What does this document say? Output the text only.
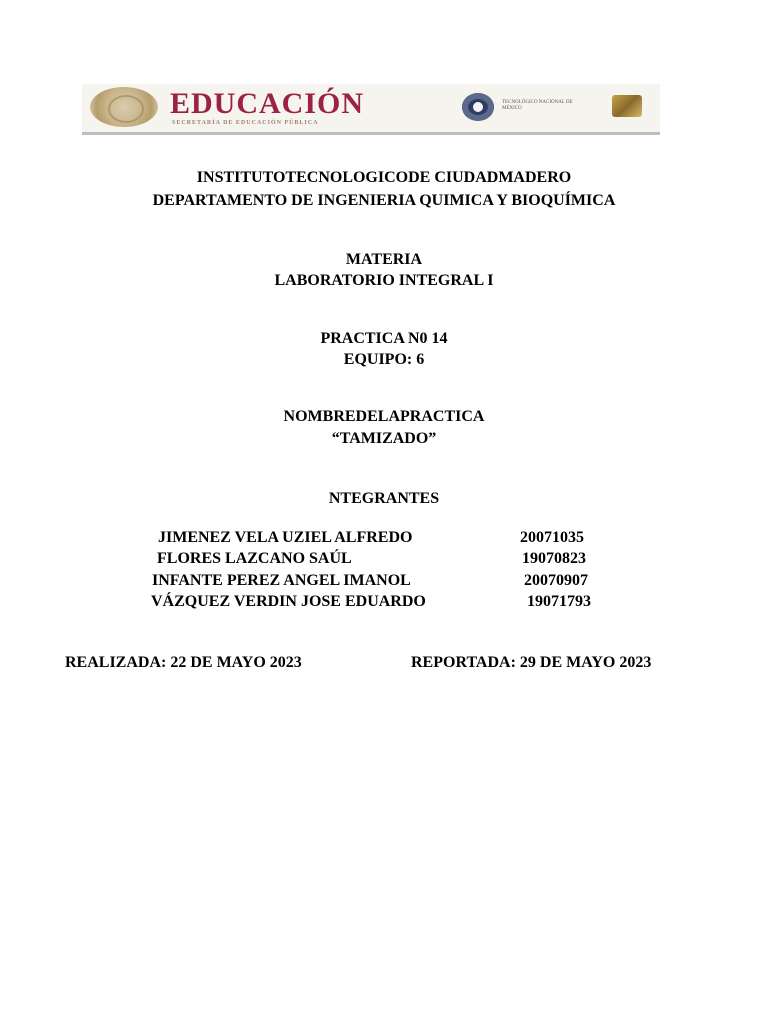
EDUCACIÓN
SECRETARÍA DE EDUCACIÓN PÚBLICA
TECNOLÓGICO NACIONAL DE MÉXICO
INSTITUTOTECNOLOGICODE CIUDADMADERO
DEPARTAMENTO DE INGENIERIA QUIMICA Y BIOQUÍMICA
MATERIA
LABORATORIO INTEGRAL I
PRACTICA N0 14
EQUIPO: 6
NOMBREDELAPRACTICA
“TAMIZADO”
NTEGRANTES
JIMENEZ VELA UZIEL ALFREDO	20071035
FLORES LAZCANO SAÚL	19070823
INFANTE PEREZ ANGEL IMANOL	20070907
VÁZQUEZ VERDIN JOSE EDUARDO	19071793
REALIZADA: 22 DE MAYO 2023	REPORTADA: 29 DE MAYO 2023
